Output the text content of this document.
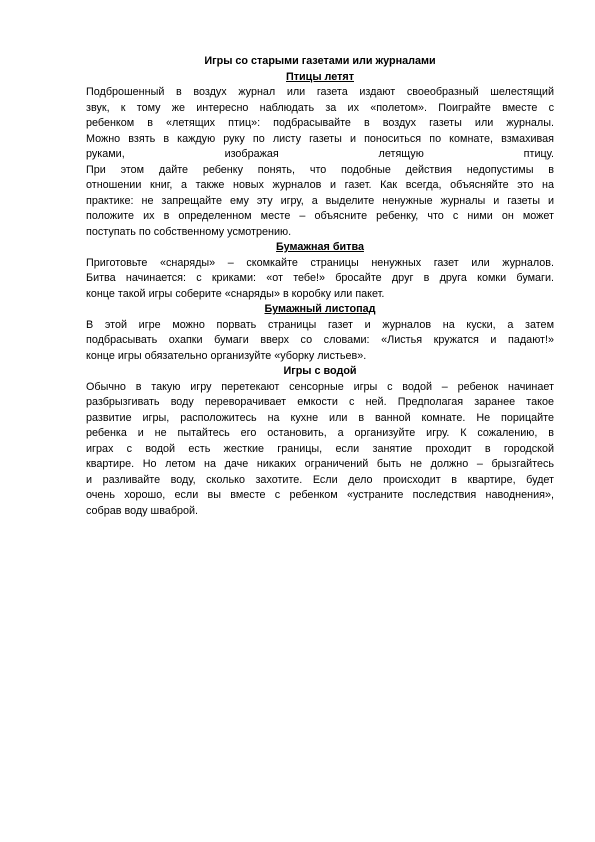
Игры со старыми газетами или журналами

Птицы летят

Подброшенный в воздух журнал или газета издают своеобразный шелестящий
звук, к тому же интересно наблюдать за их «полетом». Поиграйте вместе с
ребенком в «летящих птиц»: подбрасывайте в воздух газеты или журналы.
Можно взять в каждую руку по листу газеты и поноситься по комнате, взмахивая
руками, изображая летящую птицу.
При этом дайте ребенку понять, что подобные действия недопустимы в
отношении книг, а также новых журналов и газет. Как всегда, объясняйте это на
практике: не запрещайте ему эту игру, а выделите ненужные журналы и газеты и
положите их в определенном месте – объясните ребенку, что с ними он может
поступать по собственному усмотрению.

Бумажная битва

Приготовьте «снаряды» – скомкайте страницы ненужных газет или журналов.
Битва начинается: с криками: «от тебе!» бросайте друг в друга комки бумаги.
конце такой игры соберите «снаряды» в коробку или пакет.

Бумажный листопад

В этой игре можно порвать страницы газет и журналов на куски, а затем
подбрасывать охапки бумаги вверх со словами: «Листья кружатся и падают!»
конце игры обязательно организуйте «уборку листьев».

Игры с водой

Обычно в такую игру перетекают сенсорные игры с водой – ребенок начинает
разбрызгивать воду переворачивает емкости с ней. Предполагая заранее такое
развитие игры, расположитесь на кухне или в ванной комнате. Не порицайте
ребенка и не пытайтесь его остановить, а организуйте игру. К сожалению, в
играх с водой есть жесткие границы, если занятие проходит в городской
квартире. Но летом на даче никаких ограничений быть не должно – брызгайтесь
и разливайте воду, сколько захотите. Если дело происходит в квартире, будет
очень хорошо, если вы вместе с ребенком «устраните последствия наводнения»,
собрав воду шваброй.
